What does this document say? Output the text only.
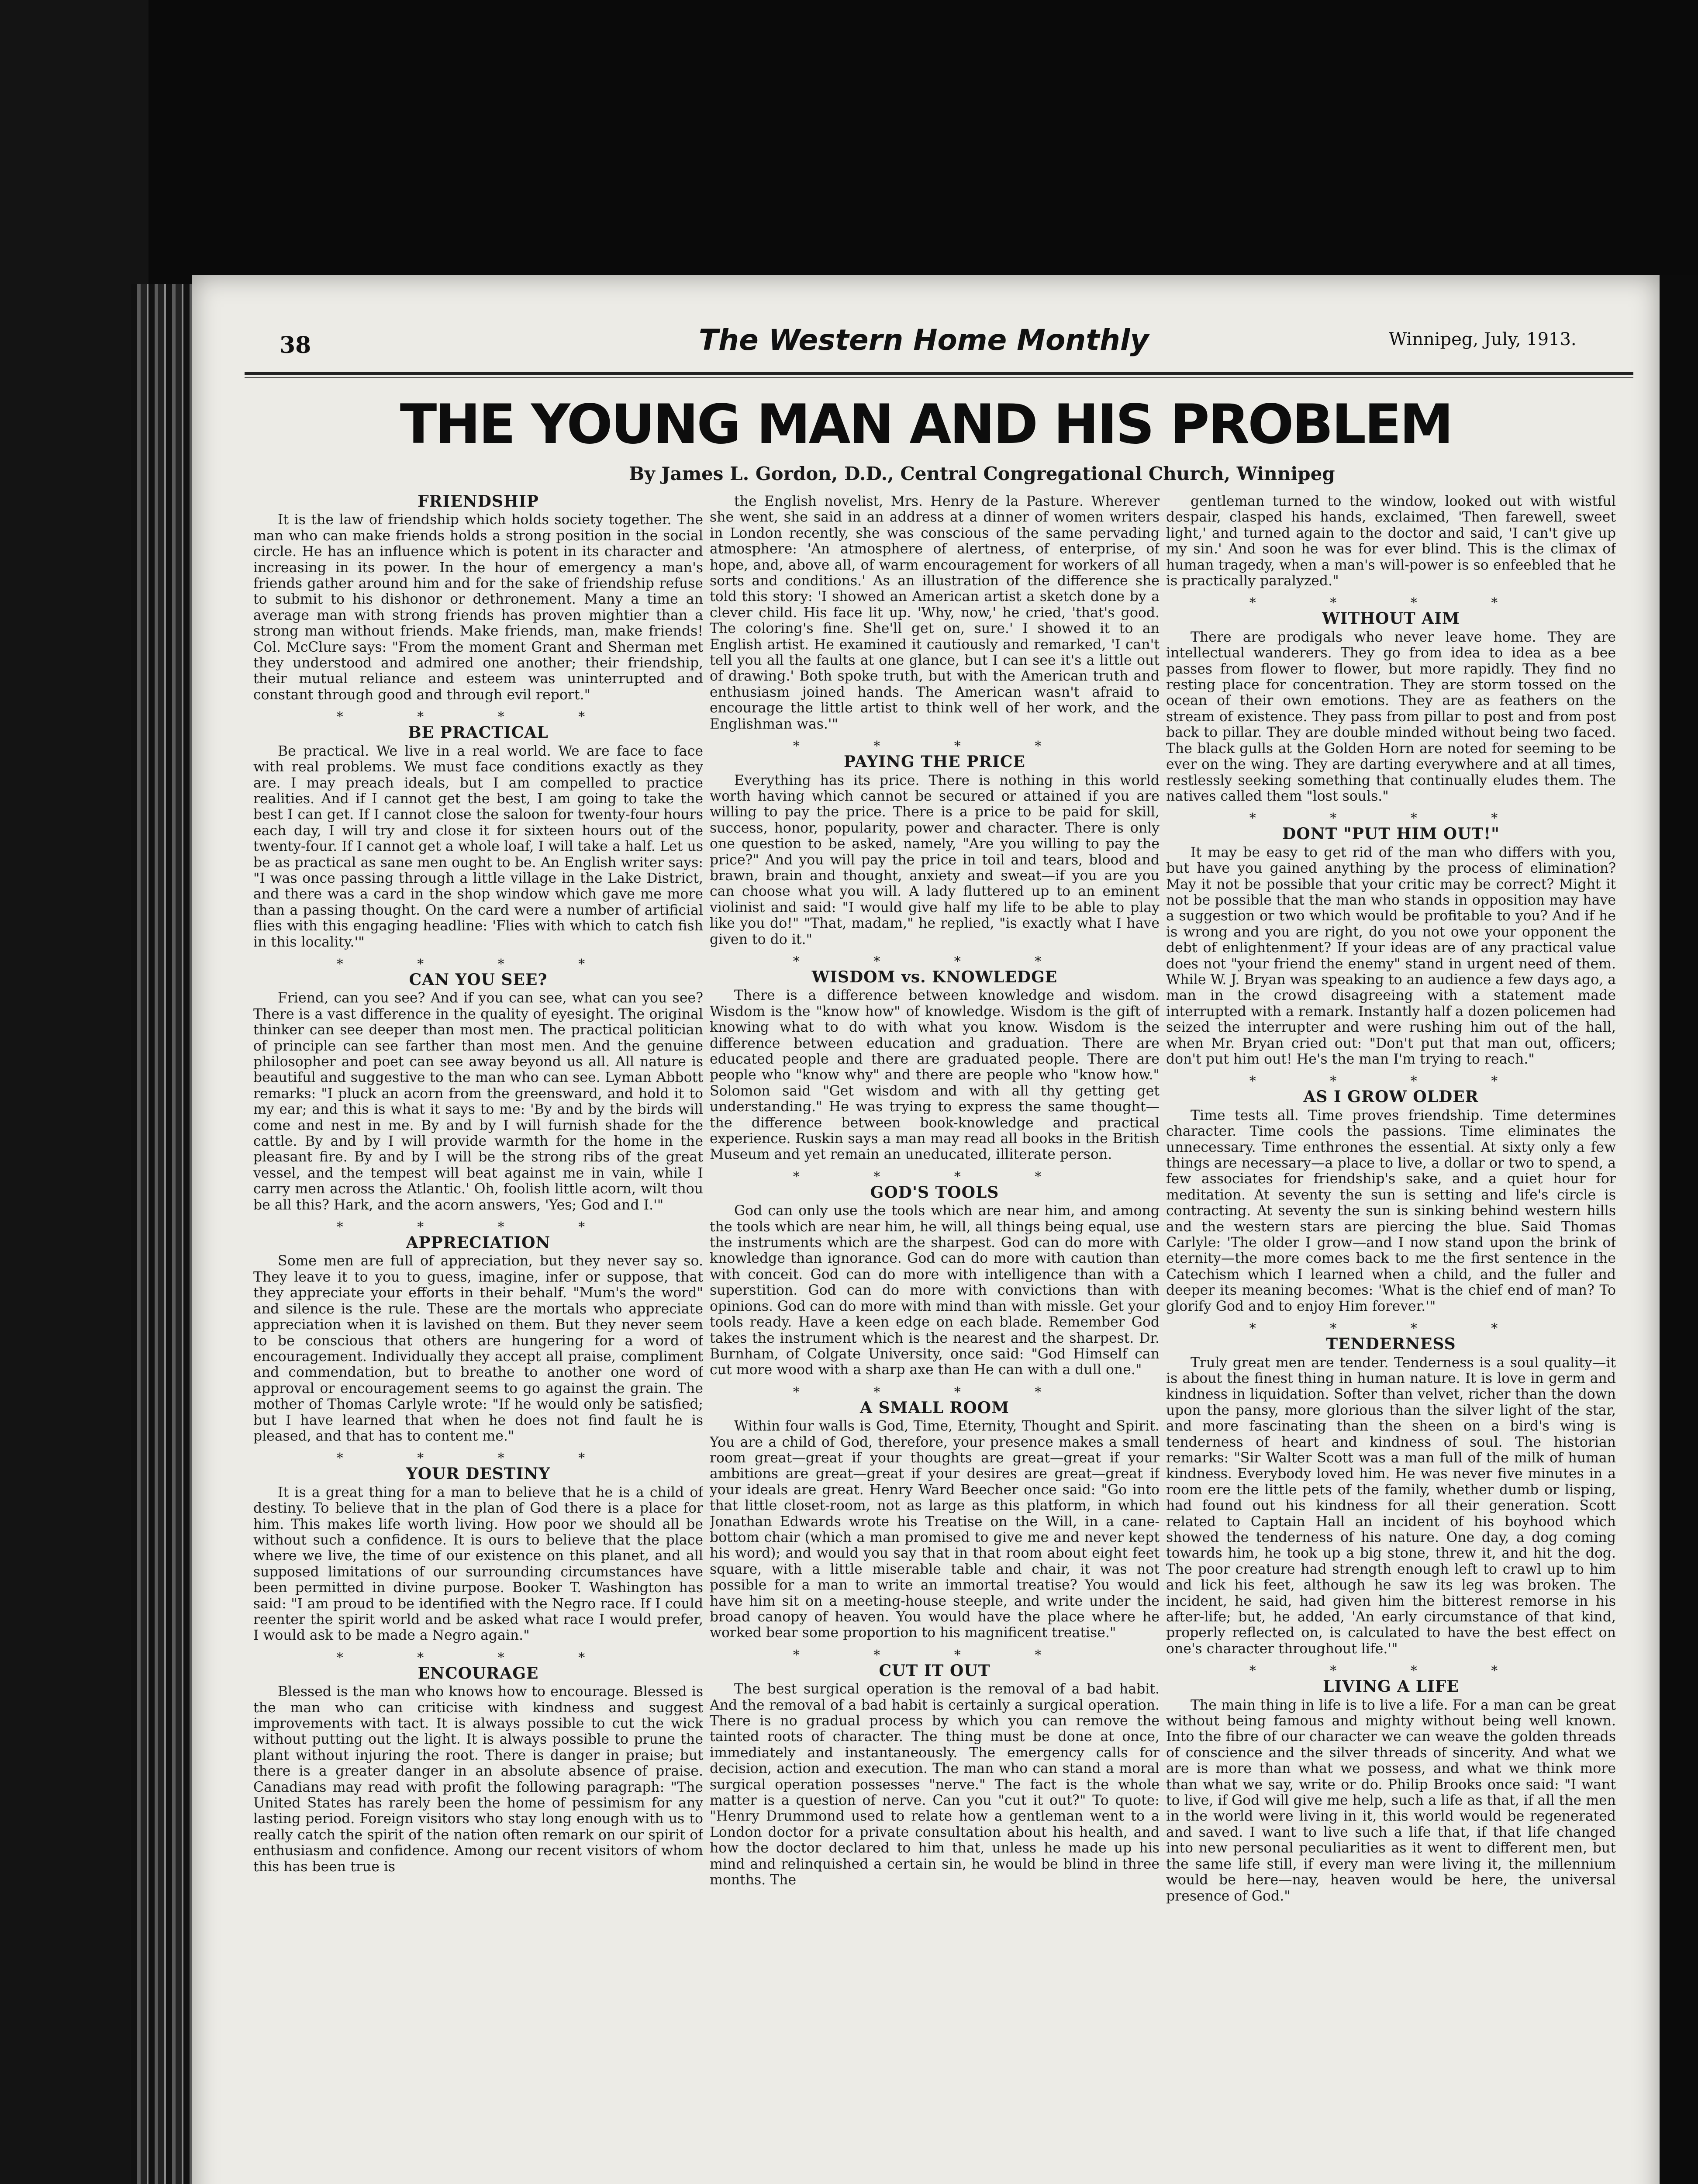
38	The Western Home Monthly	Winnipeg, July, 1913.
THE YOUNG MAN AND HIS PROBLEM
By James L. Gordon, D.D., Central Congregational Church, Winnipeg
FRIENDSHIP

It is the law of friendship which holds society together. The man who can make friends holds a strong position in the social circle. He has an influence which is potent in its character and increasing in its power. In the hour of emergency a man's friends gather around him and for the sake of friendship refuse to submit to his dishonor or dethronement. Many a time an average man with strong friends has proven mightier than a strong man without friends. Make friends, man, make friends! Col. McClure says: "From the moment Grant and Sherman met they understood and admired one another; their friendship, their mutual reliance and esteem was uninterrupted and constant through good and through evil report."

* * * *
BE PRACTICAL

Be practical. We live in a real world. We are face to face with real problems. We must face conditions exactly as they are. I may preach ideals, but I am compelled to practice realities. And if I cannot get the best, I am going to take the best I can get. If I cannot close the saloon for twenty-four hours each day, I will try and close it for sixteen hours out of the twenty-four. If I cannot get a whole loaf, I will take a half. Let us be as practical as sane men ought to be. An English writer says: "I was once passing through a little village in the Lake District, and there was a card in the shop window which gave me more than a passing thought. On the card were a number of artificial flies with this engaging headline: 'Flies with which to catch fish in this locality.'"

* * * *
CAN YOU SEE?

Friend, can you see? And if you can see, what can you see? There is a vast difference in the quality of eyesight. The original thinker can see deeper than most men. The practical politician of principle can see farther than most men. And the genuine philosopher and poet can see away beyond us all. All nature is beautiful and suggestive to the man who can see. Lyman Abbott remarks: "I pluck an acorn from the greensward, and hold it to my ear; and this is what it says to me: 'By and by the birds will come and nest in me. By and by I will furnish shade for the cattle. By and by I will provide warmth for the home in the pleasant fire. By and by I will be the strong ribs of the great vessel, and the tempest will beat against me in vain, while I carry men across the Atlantic.' Oh, foolish little acorn, wilt thou be all this? Hark, and the acorn answers, 'Yes; God and I.'"

* * * *
APPRECIATION

Some men are full of appreciation, but they never say so. They leave it to you to guess, imagine, infer or suppose, that they appreciate your efforts in their behalf. "Mum's the word" and silence is the rule. These are the mortals who appreciate appreciation when it is lavished on them. But they never seem to be conscious that others are hungering for a word of encouragement. Individually they accept all praise, compliment and commendation, but to breathe to another one word of approval or encouragement seems to go against the grain. The mother of Thomas Carlyle wrote: "If he would only be satisfied; but I have learned that when he does not find fault he is pleased, and that has to content me."

* * * *
YOUR DESTINY

It is a great thing for a man to believe that he is a child of destiny. To believe that in the plan of God there is a place for him. This makes life worth living. How poor we should all be without such a confidence. It is ours to believe that the place where we live, the time of our existence on this planet, and all supposed limitations of our surrounding circumstances have been permitted in divine purpose. Booker T. Washington has said: "I am proud to be identified with the Negro race. If I could reenter the spirit world and be asked what race I would prefer, I would ask to be made a Negro again."

* * * *
ENCOURAGE

Blessed is the man who knows how to encourage. Blessed is the man who can criticise with kindness and suggest improvements with tact. It is always possible to cut the wick without putting out the light. It is always possible to prune the plant without injuring the root. There is danger in praise; but there is a greater danger in an absolute absence of praise. Canadians may read with profit the following paragraph: "The United States has rarely been the home of pessimism for any lasting period. Foreign visitors who stay long enough with us to really catch the spirit of the nation often remark on our spirit of enthusiasm and confidence. Among our recent visitors of whom this has been true is

the English novelist, Mrs. Henry de la Pasture. Wherever she went, she said in an address at a dinner of women writers in London recently, she was conscious of the same pervading atmosphere: 'An atmosphere of alertness, of enterprise, of hope, and, above all, of warm encouragement for workers of all sorts and conditions.' As an illustration of the difference she told this story: 'I showed an American artist a sketch done by a clever child. His face lit up. 'Why, now,' he cried, 'that's good. The coloring's fine. She'll get on, sure.' I showed it to an English artist. He examined it cautiously and remarked, 'I can't tell you all the faults at one glance, but I can see it's a little out of drawing.' Both spoke truth, but with the American truth and enthusiasm joined hands. The American wasn't afraid to encourage the little artist to think well of her work, and the Englishman was.'"

* * * *
PAYING THE PRICE

Everything has its price. There is nothing in this world worth having which cannot be secured or attained if you are willing to pay the price. There is a price to be paid for skill, success, honor, popularity, power and character. There is only one question to be asked, namely, "Are you willing to pay the price?" And you will pay the price in toil and tears, blood and brawn, brain and thought, anxiety and sweat—if you are you can choose what you will. A lady fluttered up to an eminent violinist and said: "I would give half my life to be able to play like you do!" "That, madam," he replied, "is exactly what I have given to do it."

* * * *
WISDOM vs. KNOWLEDGE

There is a difference between knowledge and wisdom. Wisdom is the "know how" of knowledge. Wisdom is the gift of knowing what to do with what you know. Wisdom is the difference between education and graduation. There are educated people and there are graduated people. There are people who "know why" and there are people who "know how." Solomon said "Get wisdom and with all thy getting get understanding." He was trying to express the same thought—the difference between book-knowledge and practical experience. Ruskin says a man may read all books in the British Museum and yet remain an uneducated, illiterate person.

* * * *
GOD'S TOOLS

God can only use the tools which are near him, and among the tools which are near him, he will, all things being equal, use the instruments which are the sharpest. God can do more with knowledge than ignorance. God can do more with caution than with conceit. God can do more with intelligence than with a superstition. God can do more with convictions than with opinions. God can do more with mind than with missle. Get your tools ready. Have a keen edge on each blade. Remember God takes the instrument which is the nearest and the sharpest. Dr. Burnham, of Colgate University, once said: "God Himself can cut more wood with a sharp axe than He can with a dull one."

* * * *
A SMALL ROOM

Within four walls is God, Time, Eternity, Thought and Spirit. You are a child of God, therefore, your presence makes a small room great—great if your thoughts are great—great if your ambitions are great—great if your desires are great—great if your ideals are great. Henry Ward Beecher once said: "Go into that little closet-room, not as large as this platform, in which Jonathan Edwards wrote his Treatise on the Will, in a cane-bottom chair (which a man promised to give me and never kept his word); and would you say that in that room about eight feet square, with a little miserable table and chair, it was not possible for a man to write an immortal treatise? You would have him sit on a meeting-house steeple, and write under the broad canopy of heaven. You would have the place where he worked bear some proportion to his magnificent treatise."

* * * *
CUT IT OUT

The best surgical operation is the removal of a bad habit. And the removal of a bad habit is certainly a surgical operation. There is no gradual process by which you can remove the tainted roots of character. The thing must be done at once, immediately and instantaneously. The emergency calls for decision, action and execution. The man who can stand a moral surgical operation possesses "nerve." The fact is the whole matter is a question of nerve. Can you "cut it out?" To quote: "Henry Drummond used to relate how a gentleman went to a London doctor for a private consultation about his health, and how the doctor declared to him that, unless he made up his mind and relinquished a certain sin, he would be blind in three months. The

gentleman turned to the window, looked out with wistful despair, clasped his hands, exclaimed, 'Then farewell, sweet light,' and turned again to the doctor and said, 'I can't give up my sin.' And soon he was for ever blind. This is the climax of human tragedy, when a man's will-power is so enfeebled that he is practically paralyzed."

* * * *
WITHOUT AIM

There are prodigals who never leave home. They are intellectual wanderers. They go from idea to idea as a bee passes from flower to flower, but more rapidly. They find no resting place for concentration. They are storm tossed on the ocean of their own emotions. They are as feathers on the stream of existence. They pass from pillar to post and from post back to pillar. They are double minded without being two faced. The black gulls at the Golden Horn are noted for seeming to be ever on the wing. They are darting everywhere and at all times, restlessly seeking something that continually eludes them. The natives called them "lost souls."

* * * *
DONT "PUT HIM OUT!"

It may be easy to get rid of the man who differs with you, but have you gained anything by the process of elimination? May it not be possible that your critic may be correct? Might it not be possible that the man who stands in opposition may have a suggestion or two which would be profitable to you? And if he is wrong and you are right, do you not owe your opponent the debt of enlightenment? If your ideas are of any practical value does not "your friend the enemy" stand in urgent need of them. While W. J. Bryan was speaking to an audience a few days ago, a man in the crowd disagreeing with a statement made interrupted with a remark. Instantly half a dozen policemen had seized the interrupter and were rushing him out of the hall, when Mr. Bryan cried out: "Don't put that man out, officers; don't put him out! He's the man I'm trying to reach."

* * * *
AS I GROW OLDER

Time tests all. Time proves friendship. Time determines character. Time cools the passions. Time eliminates the unnecessary. Time enthrones the essential. At sixty only a few things are necessary—a place to live, a dollar or two to spend, a few associates for friendship's sake, and a quiet hour for meditation. At seventy the sun is setting and life's circle is contracting. At seventy the sun is sinking behind western hills and the western stars are piercing the blue. Said Thomas Carlyle: 'The older I grow—and I now stand upon the brink of eternity—the more comes back to me the first sentence in the Catechism which I learned when a child, and the fuller and deeper its meaning becomes: 'What is the chief end of man? To glorify God and to enjoy Him forever.'"

* * * *
TENDERNESS

Truly great men are tender. Tenderness is a soul quality—it is about the finest thing in human nature. It is love in germ and kindness in liquidation. Softer than velvet, richer than the down upon the pansy, more glorious than the silver light of the star, and more fascinating than the sheen on a bird's wing is tenderness of heart and kindness of soul. The historian remarks: "Sir Walter Scott was a man full of the milk of human kindness. Everybody loved him. He was never five minutes in a room ere the little pets of the family, whether dumb or lisping, had found out his kindness for all their generation. Scott related to Captain Hall an incident of his boyhood which showed the tenderness of his nature. One day, a dog coming towards him, he took up a big stone, threw it, and hit the dog. The poor creature had strength enough left to crawl up to him and lick his feet, although he saw its leg was broken. The incident, he said, had given him the bitterest remorse in his after-life; but, he added, 'An early circumstance of that kind, properly reflected on, is calculated to have the best effect on one's character throughout life.'"

* * * *
LIVING A LIFE

The main thing in life is to live a life. For a man can be great without being famous and mighty without being well known. Into the fibre of our character we can weave the golden threads of conscience and the silver threads of sincerity. And what we are is more than what we possess, and what we think more than what we say, write or do. Philip Brooks once said: "I want to live, if God will give me help, such a life as that, if all the men in the world were living in it, this world would be regenerated and saved. I want to live such a life that, if that life changed into new personal peculiarities as it went to different men, but the same life still, if every man were living it, the millennium would be here—nay, heaven would be here, the universal presence of God."
